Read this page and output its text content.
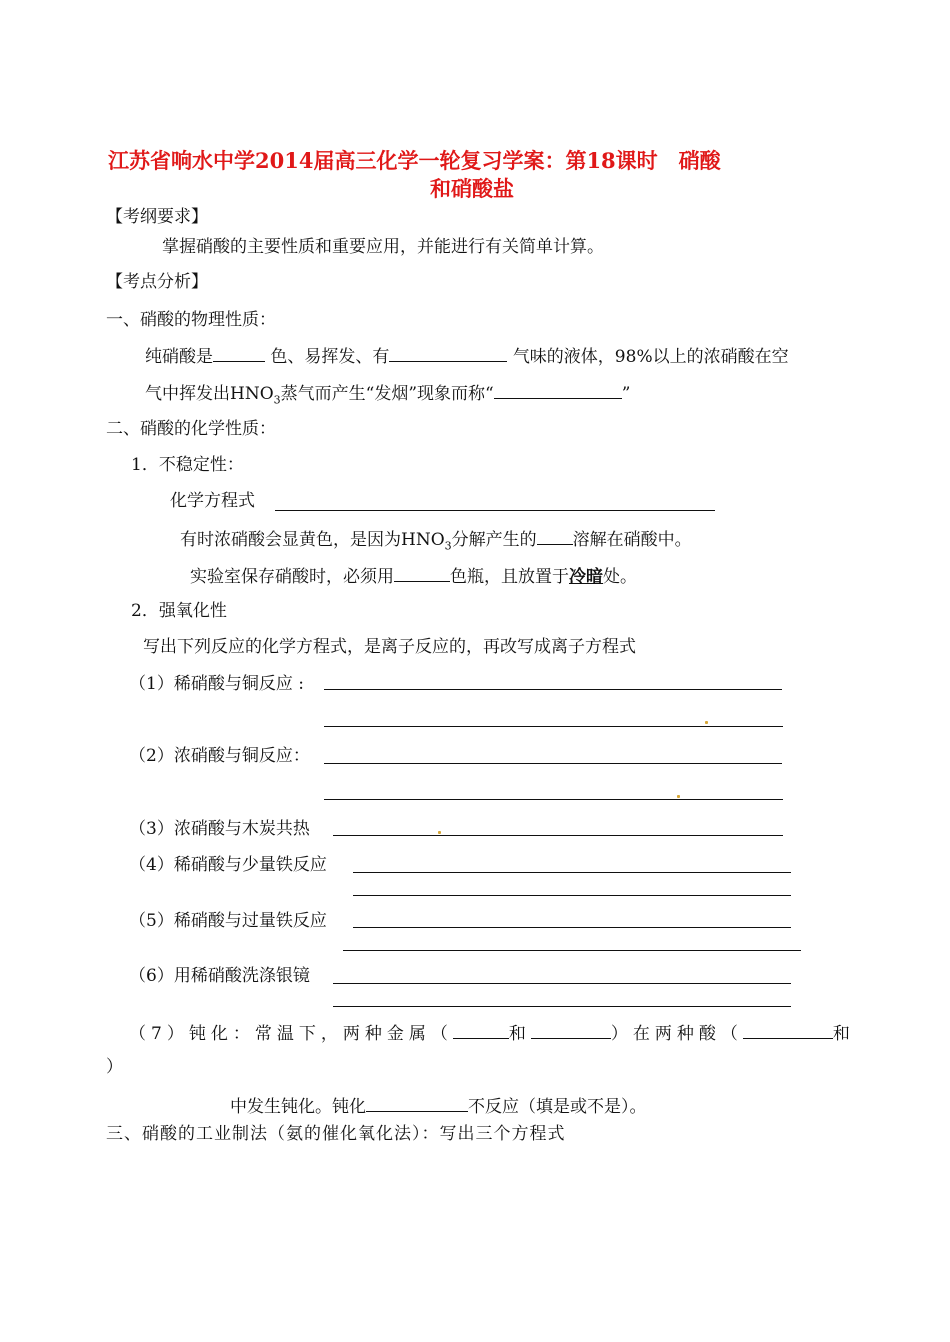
江苏省响水中学2014届高三化学一轮复习学案：第18课时　硝酸
和硝酸盐
【考纲要求】
掌握硝酸的主要性质和重要应用，并能进行有关简单计算。
【考点分析】
一、硝酸的物理性质：
纯硝酸是	色、易挥发、有	气味的液体，98%以上的浓硝酸在空
气中挥发出$HNO_3$蒸气而产生“发烟”现象而称“	”
二、硝酸的化学性质：
1．不稳定性：
化学方程式
有时浓硝酸会显黄色，是因为$HNO_3$分解产生的 溶解在硝酸中。
实验室保存硝酸时，必须用	色瓶，且放置于冷暗处。
2．强氧化性
写出下列反应的化学方程式，是离子反应的，再改写成离子方程式
（1）稀硝酸与铜反应 :
（2）浓硝酸与铜反应：
（3）浓硝酸与木炭共热
（4）稀硝酸与少量铁反应
（5）稀硝酸与过量铁反应
（6）用稀硝酸洗涤银镜
（7）钝化：常温下，两种金属（	和	）在两种酸（	和
）
中发生钝化。钝化	不反应（填是或不是）。
三、硝酸的工业制法（氨的催化氧化法）：写出三个方程式
